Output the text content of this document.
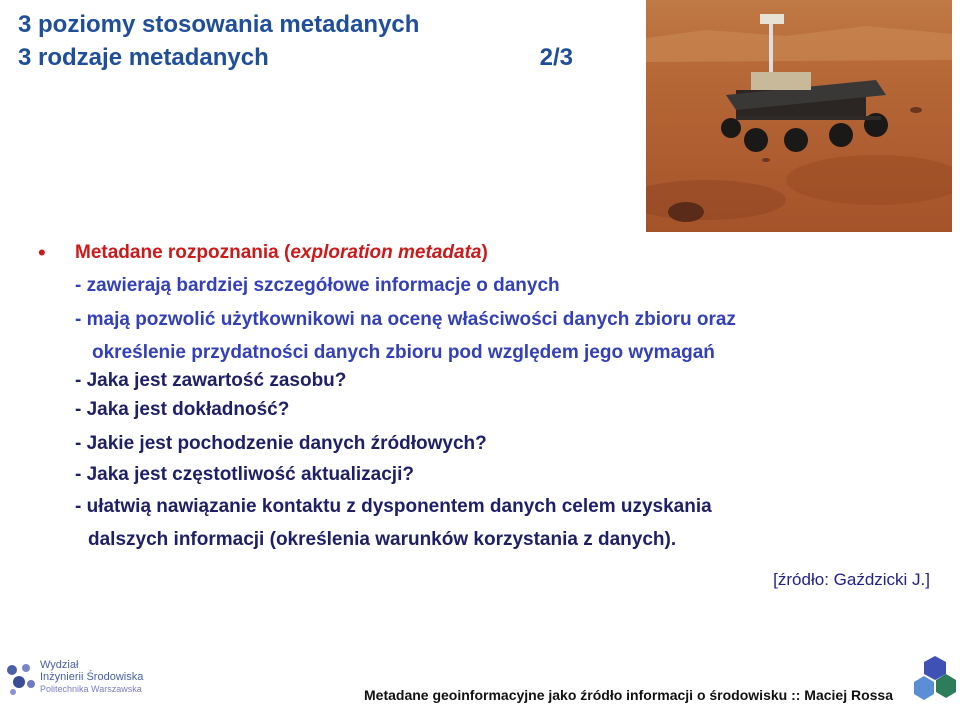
3 poziomy stosowania metadanych
3 rodzaje metadanych	2/3
• Metadane rozpoznania (exploration metadata)
- zawierają bardziej szczegółowe informacje o danych
- mają pozwolić użytkownikowi na ocenę właściwości danych zbioru oraz
określenie przydatności danych zbioru pod względem jego wymagań
- Jaka jest zawartość zasobu?
- Jaka jest dokładność?
- Jakie jest pochodzenie danych źródłowych?
- Jaka jest częstotliwość aktualizacji?
- ułatwią nawiązanie kontaktu z dysponentem danych celem uzyskania
dalszych informacji (określenia warunków korzystania z danych).
[źródło: Gaździcki J.]
Wydział
Inżynierii Środowiska
Politechnika Warszawska	Metadane geoinformacyjne jako źródło informacji o środowisku :: Maciej Rossa
